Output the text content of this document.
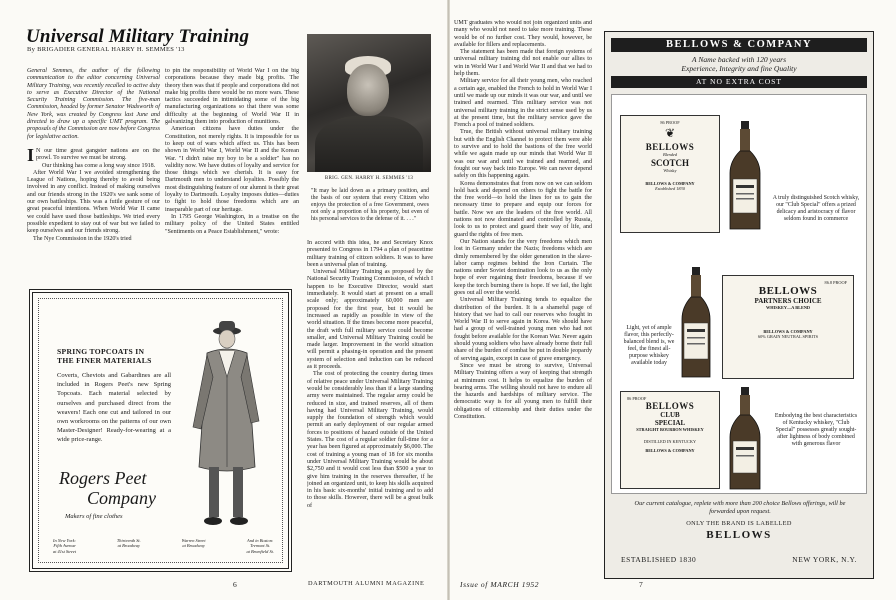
Universal Military Training
By BRIGADIER GENERAL HARRY H. SEMMES '13
General Semmes, the author of the following communication to the editor concerning Universal Military Training, was recently recalled to active duty to serve as Executive Director of the National Security Training Commission. The five-man Commission, headed by former Senator Wadsworth of New York, was created by Congress last June and directed to draw up a specific UMT program. The proposals of the Commission are now before Congress for legislative action.

I N our time great gangster nations are on the prowl. To survive we must be strong.

Our thinking has come a long way since 1918.

After World War I we avoided strengthening the League of Nations, hoping thereby to avoid being involved in any conflict. Instead of making ourselves and our friends strong in the 1920's we sank some of our own battleships. This was a futile gesture of our great peaceful intentions. When World War II came we could have used those battleships. We tried every possible expedient to stay out of war but we failed to keep ourselves and our friends strong.

The Nye Commission in the 1920's tried

to pin the responsibility of World War I on the big corporations because they made big profits. The theory then was that if people and corporations did not make big profits there would be no more wars. These tactics succeeded in intimidating some of the big manufacturing organizations so that there was some difficulty at the beginning of World War II in galvanizing them into production of munitions.

American citizens have duties under the Constitution, not merely rights. It is impossible for us to keep out of wars which affect us. This has been shown in World War I, World War II and the Korean War. "I didn't raise my boy to be a soldier" has no validity now. We have duties of loyalty and service for those things which we cherish. It is easy for Dartmouth men to understand loyalties. Possibly the most distinguishing feature of our alumni is their great loyalty to Dartmouth. Loyalty imposes duties—duties to fight to hold those freedoms which are an inseparable part of our heritage.

In 1795 George Washington, in a treatise on the military policy of the United States entitled "Sentiments on a Peace Establishment," wrote:

BRIG. GEN. HARRY H. SEMMES '13
"It may be laid down as a primary position, and the basis of our system that every Citizen who enjoys the protection of a free Government, owes not only a proportion of his property, but even of his personal services to the defense of it. . . ."

In accord with this idea, he and Secretary Knox presented to Congress in 1794 a plan of peacetime military training of citizen soldiers. It was to have been a universal plan of training.

Universal Military Training as proposed by the National Security Training Commission, of which I happen to be Executive Director, would start immediately. It would start at present on a small scale only; approximately 60,000 men are proposed for the first year, but it would be increased as rapidly as possible in view of the world situation. If the times become more peaceful, the draft with full military service could become smaller, and Universal Military Training could be made larger. Improvement in the world situation will permit a phasing-in operation and the present system of selection and induction can be reduced as it proceeds.

The cost of protecting the country during times of relative peace under Universal Military Training would be considerably less than if a large standing army were maintained. The regular army could be reduced in size, and trained reserves, all of them having had Universal Military Training, would supply the foundation of strength which would permit an early deployment of our regular armed forces to positions of hazard outside of the United States. The cost of a regular soldier full-time for a year has been figured at approximately $6,000. The cost of training a young man of 18 for six months under Universal Military Training would be about $2,750 and it would cost less than $500 a year to give him training in the reserves thereafter, if he joined an organized unit, to keep his skills acquired in his basic six-months' initial training and to add to those skills. However, there will be a great bulk of

SPRING TOPCOATS IN
THE FINER MATERIALS
Coverts, Cheviots and Gabardines are all included in Rogers Peet's new Spring Topcoats. Each material selected by ourselves and purchased direct from the weavers! Each one cut and tailored in our own workrooms on the patterns of our own Master-Designer! Ready-for-wearing at a wide price-range.
Rogers Peet
Company
Makers of fine clothes
In New York:
Fifth Avenue
at 41st Street
Thirteenth St.
at Broadway
Warren Street
at Broadway
And in Boston:
Tremont St.
at Bromfield St.
6	DARTMOUTH ALUMNI MAGAZINE

UMT graduates who would not join organized units and many who would not need to take more training. These would be of no further cost. They would, however, be available for fillers and replacements.

The statement has been made that foreign systems of universal military training did not enable our allies to win in World War I and World War II and that we had to help them.

Military service for all their young men, who reached a certain age, enabled the French to hold in World War I until we made up our minds it was our war, and until we trained and rearmed. This military service was not universal military training in the strict sense used by us at the present time, but the military service gave the French a pool of trained soldiers.

True, the British without universal military training but with the English Channel to protect them were able to survive and to hold the bastions of the free world while we again made up our minds that World War II was our war and until we trained and rearmed, and fought our way back into Europe. We can never depend safely on this happening again.

Korea demonstrates that from now on we can seldom hold back and depend on others to fight the battle for the free world—to hold the lines for us to gain the necessary time to prepare and equip our forces for battle. Now we are the leaders of the free world. All nations not now dominated and controlled by Russia, look to us to protect and guard their way of life, and guard the rights of free men.

Our Nation stands for the very freedoms which men lost in Germany under the Nazis; freedoms which are dimly remembered by the older generation in the slave-labor camp regimes behind the Iron Curtain. The nations under Soviet domination look to us as the only hope of ever regaining their freedoms, because if we keep the torch burning there is hope. If we fail, the light goes out all over the world.

Universal Military Training tends to equalize the distribution of the burden. It is a shameful page of history that we had to call our reserves who fought in World War II to serve again in Korea. We should have had a group of well-trained young men who had not fought before available for the Korean War. Never again should young soldiers who have already borne their full share of the burden of combat be put in double jeopardy of serving again, except in case of grave emergency.

Since we must be strong to survive, Universal Military Training offers a way of keeping that strength at minimum cost. It helps to equalize the burden of bearing arms. The willing should not have to endure all the hazards and hardships of military service. The democratic way is for all young men to fulfill their obligations of citizenship and their duties under the Constitution.

Issue of MARCH 1952	7
BELLOWS & COMPANY
A Name backed with 120 years
Experience, Integrity and fine Quality
AT NO EXTRA COST
86 PROOF
❦
BELLOWS
Blended
SCOTCH
Whisky
BELLOWS & COMPANY
Established 1830
A truly distinguished Scotch whisky, our "Club Special" offers a prized delicacy and aristocracy of flavor seldom found in commerce
86.8 PROOF
BELLOWS
PARTNERS CHOICE
WHISKEY—A BLEND
BELLOWS & COMPANY
60% GRAIN NEUTRAL SPIRITS
Light, yet of ample flavor, this perfectly-balanced blend is, we feel, the finest all-purpose whiskey available today
86 PROOF
BELLOWS
CLUB
SPECIAL
STRAIGHT BOURBON WHISKEY
DISTILLED IN KENTUCKY
BELLOWS & COMPANY
Embodying the best characteristics of Kentucky whiskey, "Club Special" possesses greatly sought-after lightness of body combined with generous flavor
Our current catalogue, replete with more than 200 choice Bellows offerings, will be forwarded upon request.
ONLY THE BRAND IS LABELLED
BELLOWS
ESTABLISHED 1830	NEW YORK, N.Y.
